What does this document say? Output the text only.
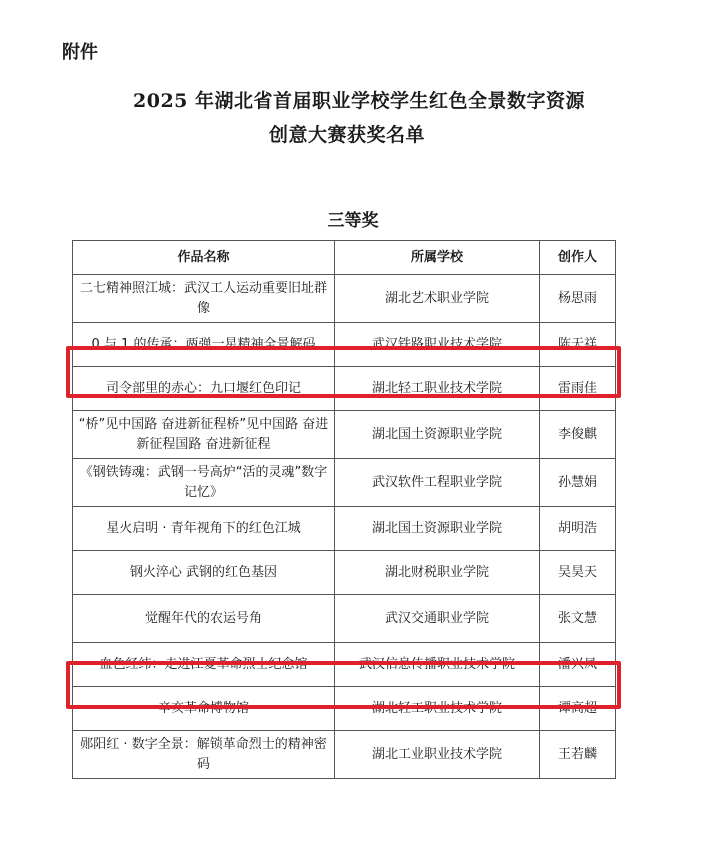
附件
2025 年湖北省首届职业学校学生红色全景数字资源
创意大赛获奖名单
三等奖
作品名称	所属学校	创作人
二七精神照江城：武汉工人运动重要旧址群像	湖北艺术职业学院	杨思雨
0 与 1 的传承：两弹一星精神全景解码	武汉铁路职业技术学院	陈天祥
司令部里的赤心：九口堰红色印记	湖北轻工职业技术学院	雷雨佳
“桥”见中国路 奋进新征程桥”见中国路 奋进新征程国路 奋进新征程	湖北国土资源职业学院	李俊麒
《钢铁铸魂：武钢一号高炉“活的灵魂”数字记忆》	武汉软件工程职业学院	孙慧娟
星火启明 · 青年视角下的红色江城	湖北国土资源职业学院	胡明浩
钢火淬心 武钢的红色基因	湖北财税职业学院	吴昊天
觉醒年代的农运号角	武汉交通职业学院	张文慧
血色经纬：走进江夏革命烈士纪念馆	武汉信息传播职业技术学院	潘兴凤
辛亥革命博物馆	湖北轻工职业技术学院	谭高超
郧阳红 · 数字全景：解锁革命烈士的精神密码	湖北工业职业技术学院	王若麟
